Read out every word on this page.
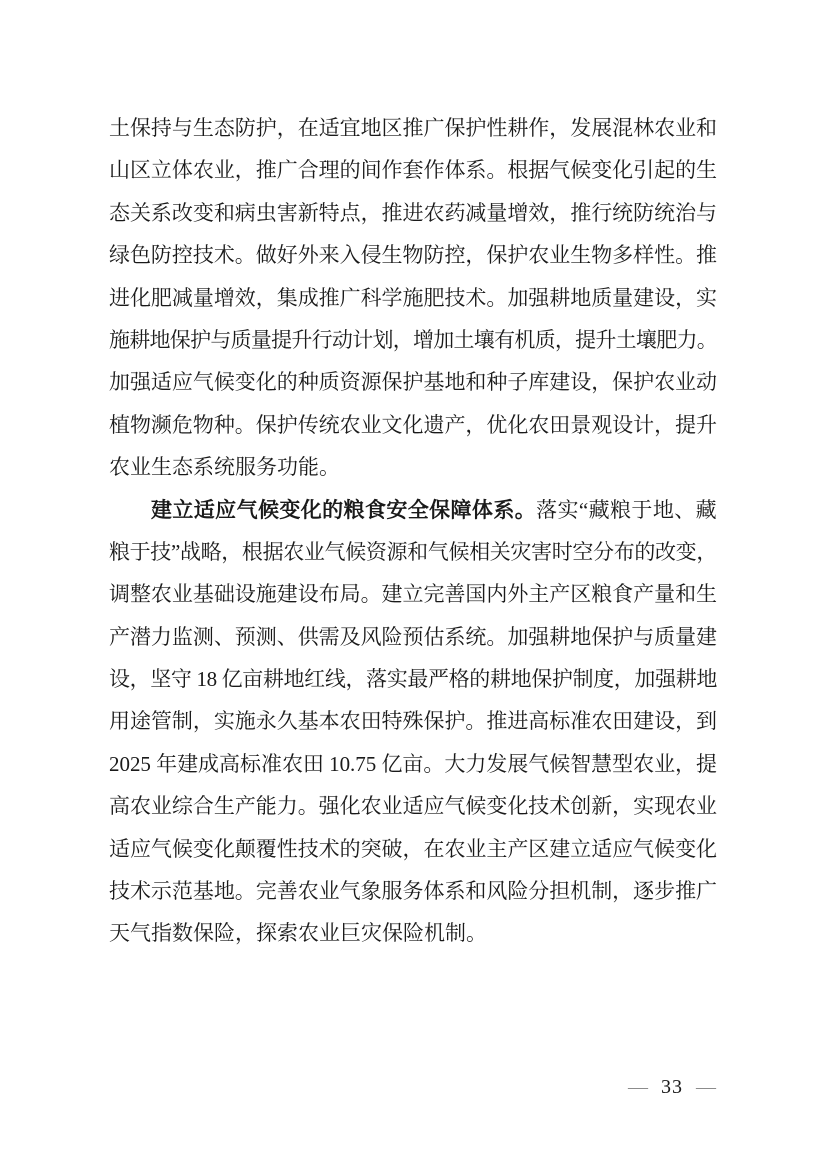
土保持与生态防护，在适宜地区推广保护性耕作，发展混林农业和
山区立体农业，推广合理的间作套作体系。根据气候变化引起的生
态关系改变和病虫害新特点，推进农药减量增效，推行统防统治与
绿色防控技术。做好外来入侵生物防控，保护农业生物多样性。推
进化肥减量增效，集成推广科学施肥技术。加强耕地质量建设，实
施耕地保护与质量提升行动计划，增加土壤有机质，提升土壤肥力。
加强适应气候变化的种质资源保护基地和种子库建设，保护农业动
植物濒危物种。保护传统农业文化遗产，优化农田景观设计，提升
农业生态系统服务功能。
建立适应气候变化的粮食安全保障体系。落实“藏粮于地、藏
粮于技”战略，根据农业气候资源和气候相关灾害时空分布的改变，
调整农业基础设施建设布局。建立完善国内外主产区粮食产量和生
产潜力监测、预测、供需及风险预估系统。加强耕地保护与质量建
设，坚守 18 亿亩耕地红线，落实最严格的耕地保护制度，加强耕地
用途管制，实施永久基本农田特殊保护。推进高标准农田建设，到
2025 年建成高标准农田 10.75 亿亩。大力发展气候智慧型农业，提
高农业综合生产能力。强化农业适应气候变化技术创新，实现农业
适应气候变化颠覆性技术的突破，在农业主产区建立适应气候变化
技术示范基地。完善农业气象服务体系和风险分担机制，逐步推广
天气指数保险，探索农业巨灾保险机制。
— 33 —
